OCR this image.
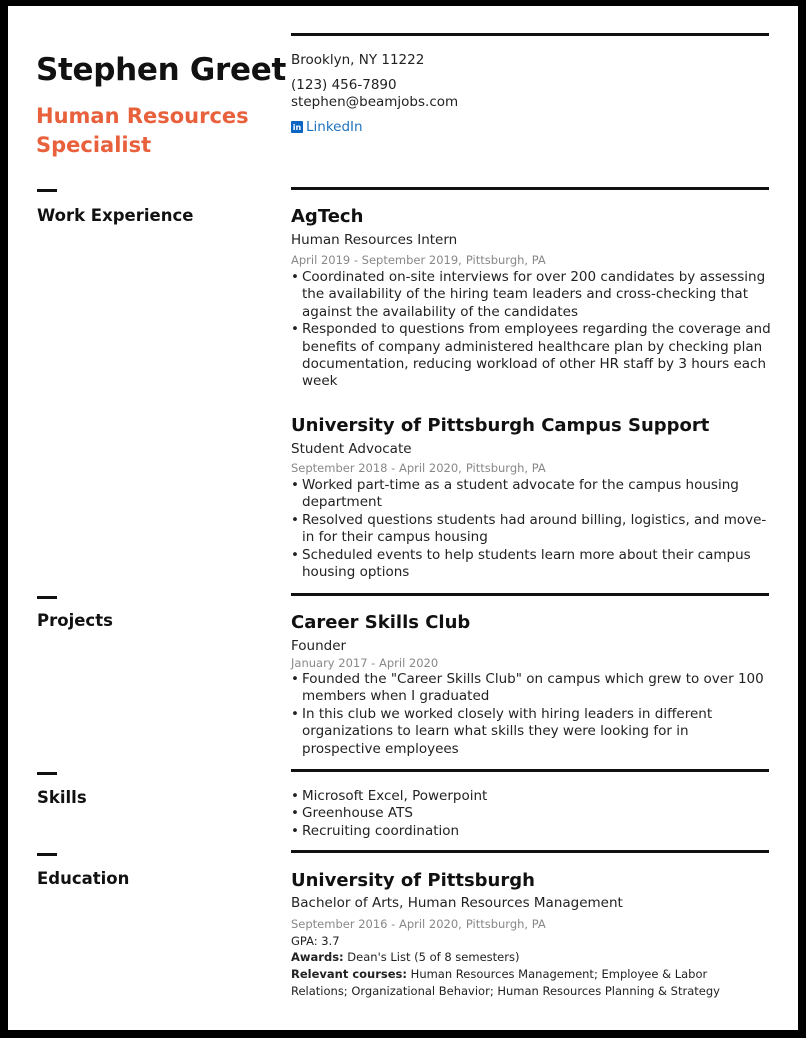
Stephen Greet
Human Resources Specialist
Brooklyn, NY 11222
(123) 456-7890
stephen@beamjobs.com
in LinkedIn
Work Experience	AgTech
Human Resources Intern
April 2019 - September 2019, Pittsburgh, PA
• Coordinated on-site interviews for over 200 candidates by assessing the availability of the hiring team leaders and cross-checking that against the availability of the candidates
• Responded to questions from employees regarding the coverage and benefits of company administered healthcare plan by checking plan documentation, reducing workload of other HR staff by 3 hours each week
University of Pittsburgh Campus Support
Student Advocate
September 2018 - April 2020, Pittsburgh, PA
• Worked part-time as a student advocate for the campus housing department
• Resolved questions students had around billing, logistics, and move-in for their campus housing
• Scheduled events to help students learn more about their campus housing options
Projects	Career Skills Club
Founder
January 2017 - April 2020
• Founded the "Career Skills Club" on campus which grew to over 100 members when I graduated
• In this club we worked closely with hiring leaders in different organizations to learn what skills they were looking for in prospective employees
Skills	• Microsoft Excel, Powerpoint
• Greenhouse ATS
• Recruiting coordination
Education	University of Pittsburgh
Bachelor of Arts, Human Resources Management
September 2016 - April 2020, Pittsburgh, PA
GPA: 3.7
Awards: Dean's List (5 of 8 semesters)
Relevant courses: Human Resources Management; Employee & Labor Relations; Organizational Behavior; Human Resources Planning & Strategy
